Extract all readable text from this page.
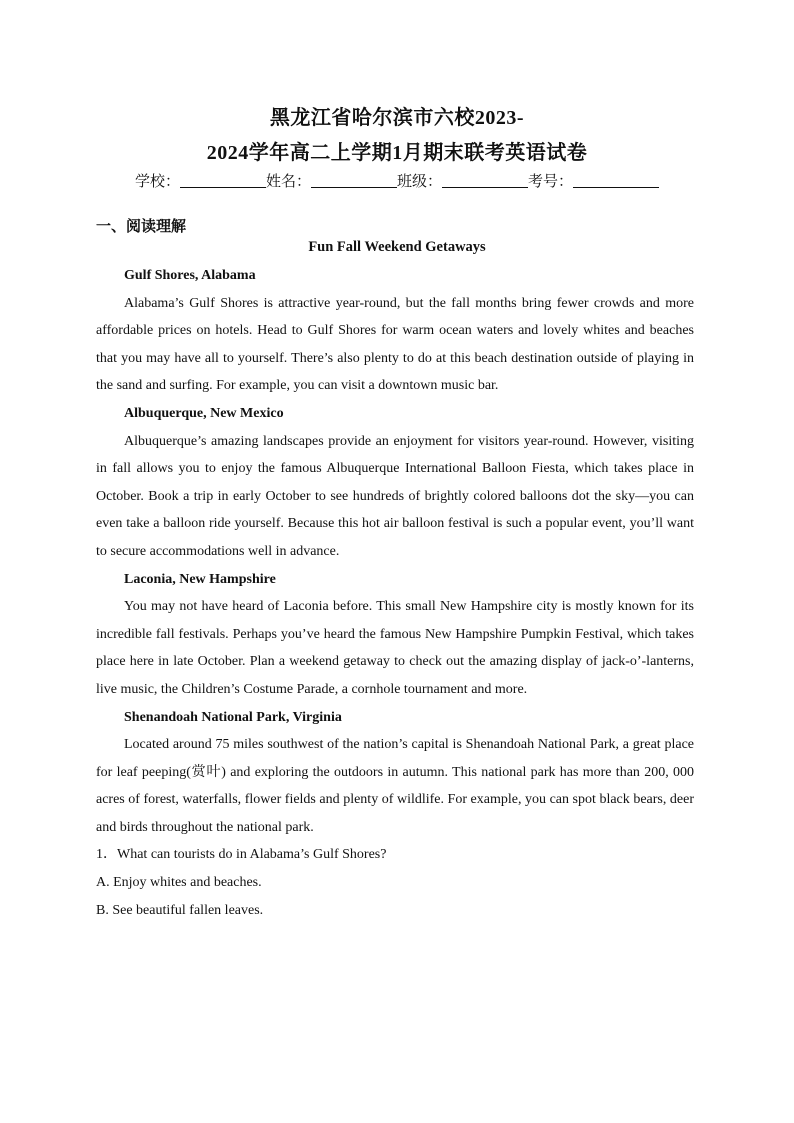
黑龙江省哈尔滨市六校2023-
2024学年高二上学期1月期末联考英语试卷
学校：	姓名：	班级：	考号：
一、阅读理解
Fun Fall Weekend Getaways

Gulf Shores, Alabama

Alabama’s Gulf Shores is attractive year-round, but the fall months bring fewer crowds and more affordable prices on hotels. Head to Gulf Shores for warm ocean waters and lovely whites and beaches that you may have all to yourself. There’s also plenty to do at this beach destination outside of playing in the sand and surfing. For example, you can visit a downtown music bar.

Albuquerque, New Mexico

Albuquerque’s amazing landscapes provide an enjoyment for visitors year-round. However, visiting in fall allows you to enjoy the famous Albuquerque International Balloon Fiesta, which takes place in October. Book a trip in early October to see hundreds of brightly colored balloons dot the sky—you can even take a balloon ride yourself. Because this hot air balloon festival is such a popular event, you’ll want to secure accommodations well in advance.

Laconia, New Hampshire

You may not have heard of Laconia before. This small New Hampshire city is mostly known for its incredible fall festivals. Perhaps you’ve heard the famous New Hampshire Pumpkin Festival, which takes place here in late October. Plan a weekend getaway to check out the amazing display of jack-o’-lanterns, live music, the Children’s Costume Parade, a cornhole tournament and more.

Shenandoah National Park, Virginia

Located around 75 miles southwest of the nation’s capital is Shenandoah National Park, a great place for leaf peeping(赏叶) and exploring the outdoors in autumn. This national park has more than 200, 000 acres of forest, waterfalls, flower fields and plenty of wildlife. For example, you can spot black bears, deer and birds throughout the national park.

1．What can tourists do in Alabama’s Gulf Shores?

A. Enjoy whites and beaches.

B. See beautiful fallen leaves.
